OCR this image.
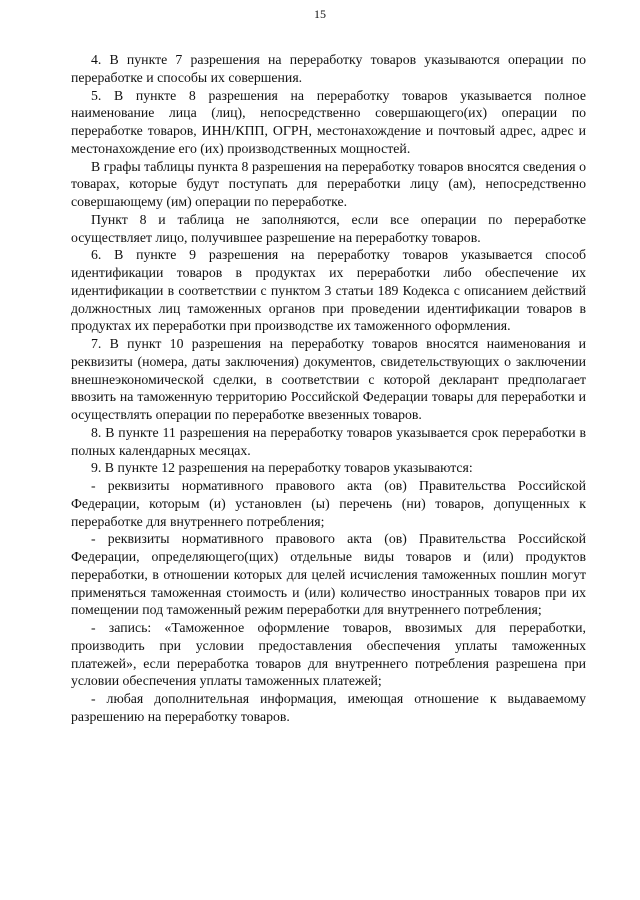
15

4. В пункте 7 разрешения на переработку товаров указываются операции по переработке и способы их совершения.

5. В пункте 8 разрешения на переработку товаров указывается полное наименование лица (лиц), непосредственно совершающего(их) операции по переработке товаров, ИНН/КПП, ОГРН, местонахождение и почтовый адрес, адрес и местонахождение его (их) производственных мощностей.

В графы таблицы пункта 8 разрешения на переработку товаров вносятся сведения о товарах, которые будут поступать для переработки лицу (ам), непосредственно совершающему (им) операции по переработке.

Пункт 8 и таблица не заполняются, если все операции по переработке осуществляет лицо, получившее разрешение на переработку товаров.

6. В пункте 9 разрешения на переработку товаров указывается способ идентификации товаров в продуктах их переработки либо обеспечение их идентификации в соответствии с пунктом 3 статьи 189 Кодекса с описанием действий должностных лиц таможенных органов при проведении идентификации товаров в продуктах их переработки при производстве их таможенного оформления.

7. В пункт 10 разрешения на переработку товаров вносятся наименования и реквизиты (номера, даты заключения) документов, свидетельствующих о заключении внешнеэкономической сделки, в соответствии с которой декларант предполагает ввозить на таможенную территорию Российской Федерации товары для переработки и осуществлять операции по переработке ввезенных товаров.

8. В пункте 11 разрешения на переработку товаров указывается срок переработки в полных календарных месяцах.

9. В пункте 12 разрешения на переработку товаров указываются:

- реквизиты нормативного правового акта (ов) Правительства Российской Федерации, которым (и) установлен (ы) перечень (ни) товаров, допущенных к переработке для внутреннего потребления;

- реквизиты нормативного правового акта (ов) Правительства Российской Федерации, определяющего(щих) отдельные виды товаров и (или) продуктов переработки, в отношении которых для целей исчисления таможенных пошлин могут применяться таможенная стоимость и (или) количество иностранных товаров при их помещении под таможенный режим переработки для внутреннего потребления;

- запись: «Таможенное оформление товаров, ввозимых для переработки, производить при условии предоставления обеспечения уплаты таможенных платежей», если переработка товаров для внутреннего потребления разрешена при условии обеспечения уплаты таможенных платежей;

- любая дополнительная информация, имеющая отношение к выдаваемому разрешению на переработку товаров.
